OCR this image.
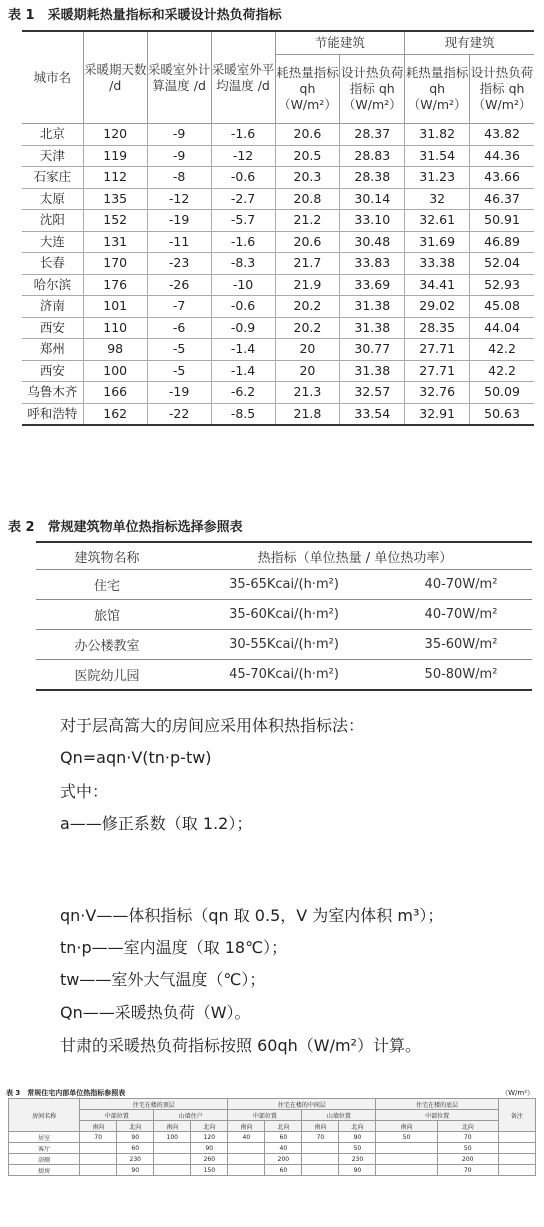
表 1　采暖期耗热量指标和采暖设计热负荷指标
城市名	采暖期天数 /d	采暖室外计算温度 /d	采暖室外平均温度 /d	节能建筑		现有建筑	
				耗热量指标 qh（W/m²）	设计热负荷指标 qh（W/m²）	耗热量指标 qh（W/m²）	设计热负荷指标 qh（W/m²）
北京	120	-9	-1.6	20.6	28.37	31.82	43.82
天津	119	-9	-12	20.5	28.83	31.54	44.36
石家庄	112	-8	-0.6	20.3	28.38	31.23	43.66
太原	135	-12	-2.7	20.8	30.14	32	46.37
沈阳	152	-19	-5.7	21.2	33.10	32.61	50.91
大连	131	-11	-1.6	20.6	30.48	31.69	46.89
长春	170	-23	-8.3	21.7	33.83	33.38	52.04
哈尔滨	176	-26	-10	21.9	33.69	34.41	52.93
济南	101	-7	-0.6	20.2	31.38	29.02	45.08
西安	110	-6	-0.9	20.2	31.38	28.35	44.04
郑州	98	-5	-1.4	20	30.77	27.71	42.2
西安	100	-5	-1.4	20	31.38	27.71	42.2
乌鲁木齐	166	-19	-6.2	21.3	32.57	32.76	50.09
呼和浩特	162	-22	-8.5	21.8	33.54	32.91	50.63
表 2　常规建筑物单位热指标选择参照表
建筑物名称	热指标（单位热量 / 单位热功率）	
住宅	35-65Kcai/(h·m²)	40-70W/m²
旅馆	35-60Kcai/(h·m²)	40-70W/m²
办公楼教室	30-55Kcai/(h·m²)	35-60W/m²
医院幼儿园	45-70Kcai/(h·m²)	50-80W/m²
对于层高篙大的房间应采用体积热指标法：
Qn=aqn·V(tn·p-tw)
式中：
a——修正系数（取 1.2）；
qn·V——体积指标（qn 取 0.5，V 为室内体积 m³）；
tn·p——室内温度（取 18℃）；
tw——室外大气温度（℃）；
Qn——采暖热负荷（W）。
甘肃的采暖热负荷指标按照 60qh（W/m²）计算。
表 3　常规住宅内部单位热指标参照表	（W/m²）
房间名称	住宅在楼的顶层				住宅在楼的中间层				住宅在楼的底层		备注
	中部位置		山墙住户		中部位置		山墙位置		中部位置		
	南向	北向	南向	北向	南向	北向	南向	北向	南向	北向	
居室	70	90	100	120	40	60	70	90	50	70	
客厅		60		90		40		50		50	
浴厕		230		260		200		230		200	
厨房		90		150		60		90		70	
